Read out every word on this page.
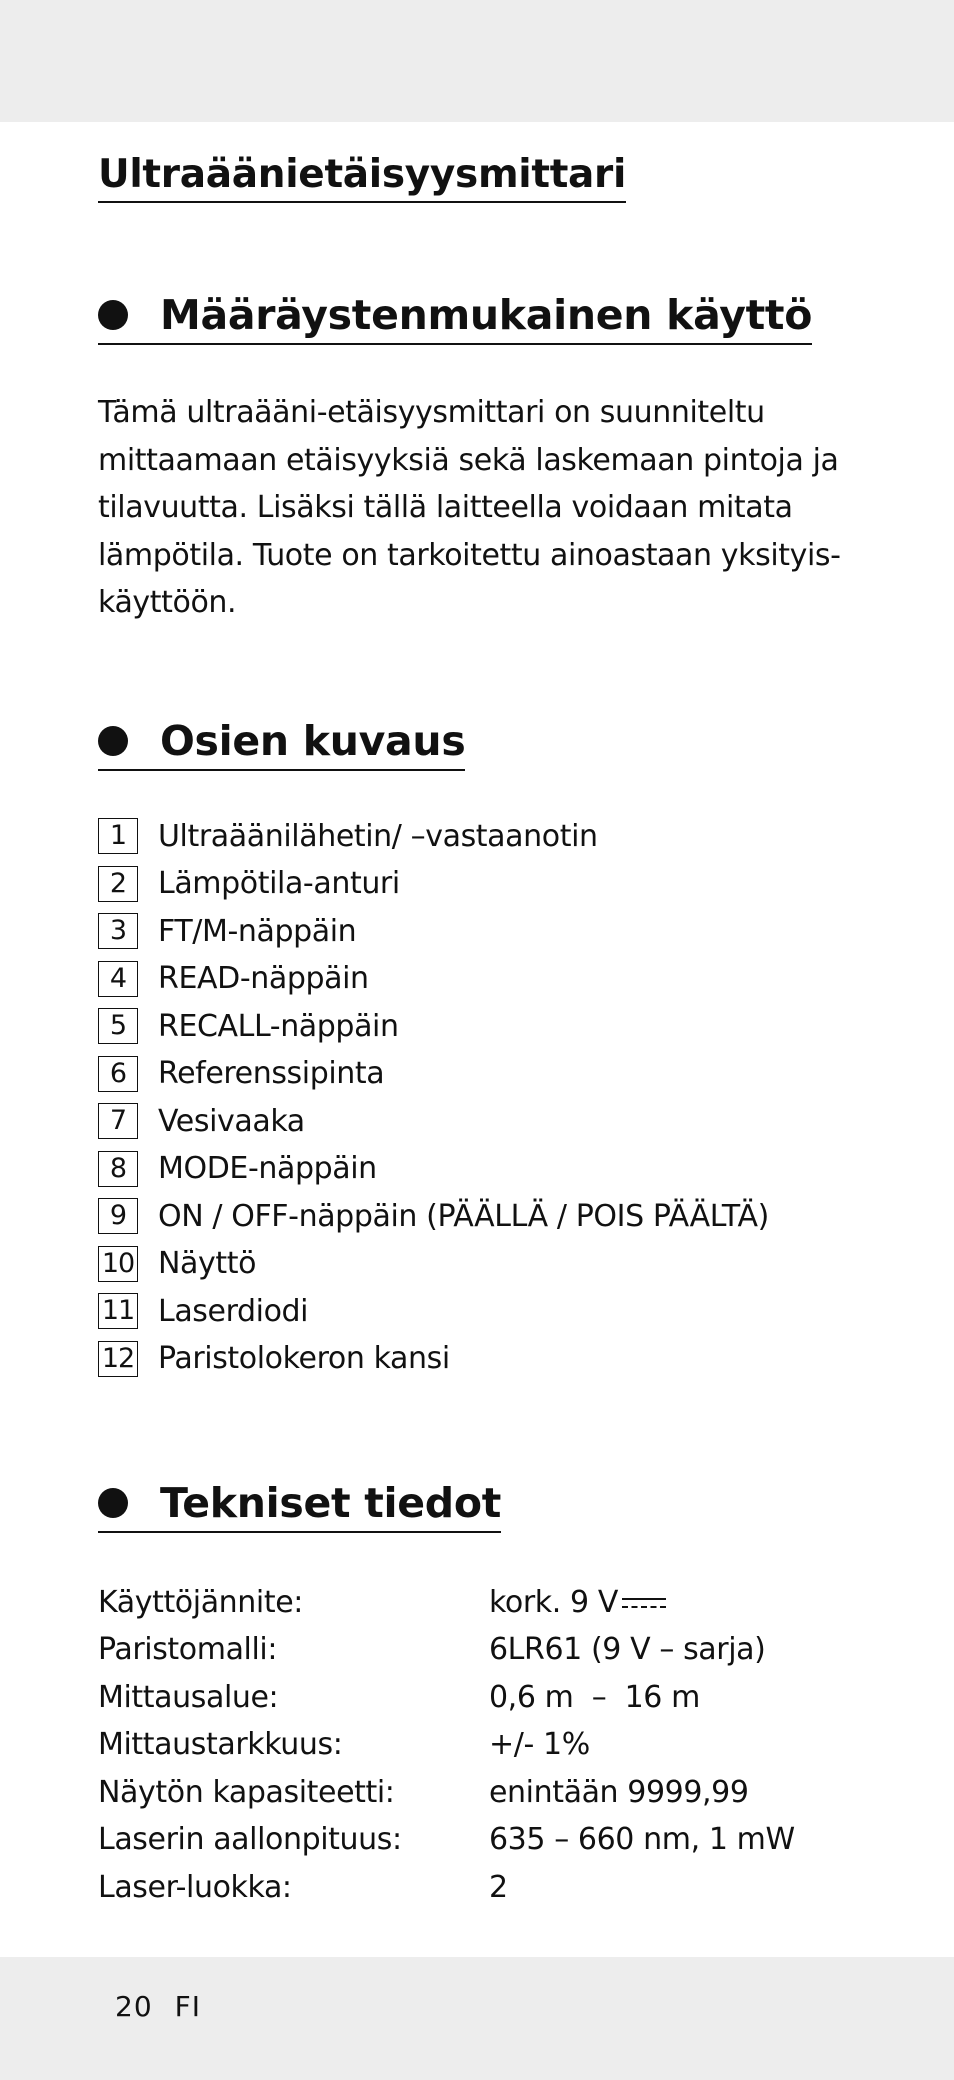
Ultraäänietäisyysmittari
Määräystenmukainen käyttö

Tämä ultraääni-etäisyysmittari on suunniteltu mittaamaan etäisyyksiä sekä laskemaan pintoja ja tilavuutta. Lisäksi tällä laitteella voidaan mitata lämpötila. Tuote on tarkoitettu ainoastaan yksityis-käyttöön.

Osien kuvaus
1	Ultraäänilähetin/ –vastaanotin
2	Lämpötila-anturi
3	FT/M-näppäin
4	READ-näppäin
5	RECALL-näppäin
6	Referenssipinta
7	Vesivaaka
8	MODE-näppäin
9	ON / OFF-näppäin (PÄÄLLÄ / POIS PÄÄLTÄ)
10 Näyttö
11 Laserdiodi
12 Paristolokeron kansi
Tekniset tiedot
Käyttöjännite:	kork. 9 V
Paristomalli:	6LR61 (9 V – sarja)
Mittausalue:	0,6 m  –  16 m
Mittaustarkkuus:	+/- 1%
Näytön kapasiteetti:	enintään 9999,99
Laserin aallonpituus:	635 – 660 nm, 1 mW
Laser-luokka:	2
20 FI
